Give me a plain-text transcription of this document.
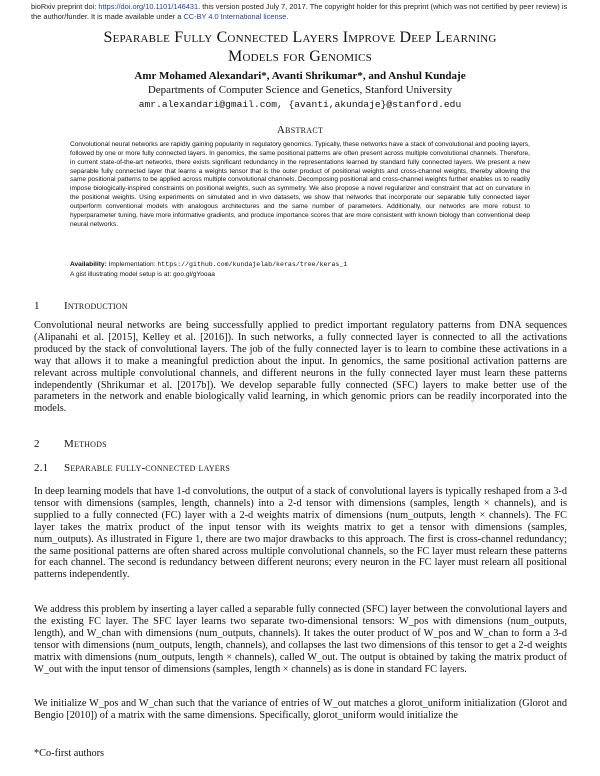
bioRxiv preprint doi: https://doi.org/10.1101/146431. this version posted July 7, 2017. The copyright holder for this preprint (which was not certified by peer review) is the author/funder. It is made available under a CC-BY 4.0 International license.
Separable Fully Connected Layers Improve Deep Learning
Models for Genomics
Amr Mohamed Alexandari*, Avanti Shrikumar*, and Anshul Kundaje
Departments of Computer Science and Genetics, Stanford University
amr.alexandari@gmail.com, {avanti,akundaje}@stanford.edu
Abstract
Convolutional neural networks are rapidly gaining popularity in regulatory genomics. Typically, these networks have a stack of convolutional and pooling layers, followed by one or more fully connected layers. In genomics, the same positional patterns are often present across multiple convolutional channels. Therefore, in current state-of-the-art networks, there exists significant redundancy in the representations learned by standard fully connected layers. We present a new separable fully connected layer that learns a weights tensor that is the outer product of positional weights and cross-channel weights, thereby allowing the same positional patterns to be applied across multiple convolutional channels. Decomposing positional and cross-channel weights further enables us to readily impose biologically-inspired constraints on positional weights, such as symmetry. We also propose a novel regularizer and constraint that act on curvature in the positional weights. Using experiments on simulated and in vivo datasets, we show that networks that incorporate our separable fully connected layer outperform conventional models with analogous architectures and the same number of parameters. Additionally, our networks are more robust to hyperparameter tuning, have more informative gradients, and produce importance scores that are more consistent with known biology than conventional deep neural networks.
Availability: Implementation: https://github.com/kundajelab/keras/tree/keras_1
A gist illustrating model setup is at: goo.gl/gYooaa
1 Introduction
Convolutional neural networks are being successfully applied to predict important regulatory patterns from DNA sequences (Alipanahi et al. [2015], Kelley et al. [2016]). In such networks, a fully connected layer is connected to all the activations produced by the stack of convolutional layers. The job of the fully connected layer is to learn to combine these activations in a way that allows it to make a meaningful prediction about the input. In genomics, the same positional activation patterns are relevant across multiple convolutional channels, and different neurons in the fully connected layer must learn these patterns independently (Shrikumar et al. [2017b]). We develop separable fully connected (SFC) layers to make better use of the parameters in the network and enable biologically valid learning, in which genomic priors can be readily incorporated into the models.
2 Methods
2.1 Separable fully-connected layers
In deep learning models that have 1-d convolutions, the output of a stack of convolutional layers is typically reshaped from a 3-d tensor with dimensions (samples, length, channels) into a 2-d tensor with dimensions (samples, length × channels), and is supplied to a fully connected (FC) layer with a 2-d weights matrix of dimensions (num_outputs, length × channels). The FC layer takes the matrix product of the input tensor with its weights matrix to get a tensor with dimensions (samples, num_outputs). As illustrated in Figure 1, there are two major drawbacks to this approach. The first is cross-channel redundancy; the same positional patterns are often shared across multiple convolutional channels, so the FC layer must relearn these patterns for each channel. The second is redundancy between different neurons; every neuron in the FC layer must relearn all positional patterns independently.
We address this problem by inserting a layer called a separable fully connected (SFC) layer between the convolutional layers and the existing FC layer. The SFC layer learns two separate two-dimensional tensors: W_pos with dimensions (num_outputs, length), and W_chan with dimensions (num_outputs, channels). It takes the outer product of W_pos and W_chan to form a 3-d tensor with dimensions (num_outputs, length, channels), and collapses the last two dimensions of this tensor to get a 2-d weights matrix with dimensions (num_outputs, length × channels), called W_out. The output is obtained by taking the matrix product of W_out with the input tensor of dimensions (samples, length × channels) as is done in standard FC layers.
We initialize W_pos and W_chan such that the variance of entries of W_out matches a glorot_uniform initialization (Glorot and Bengio [2010]) of a matrix with the same dimensions. Specifically, glorot_uniform would initialize the
*Co-first authors
